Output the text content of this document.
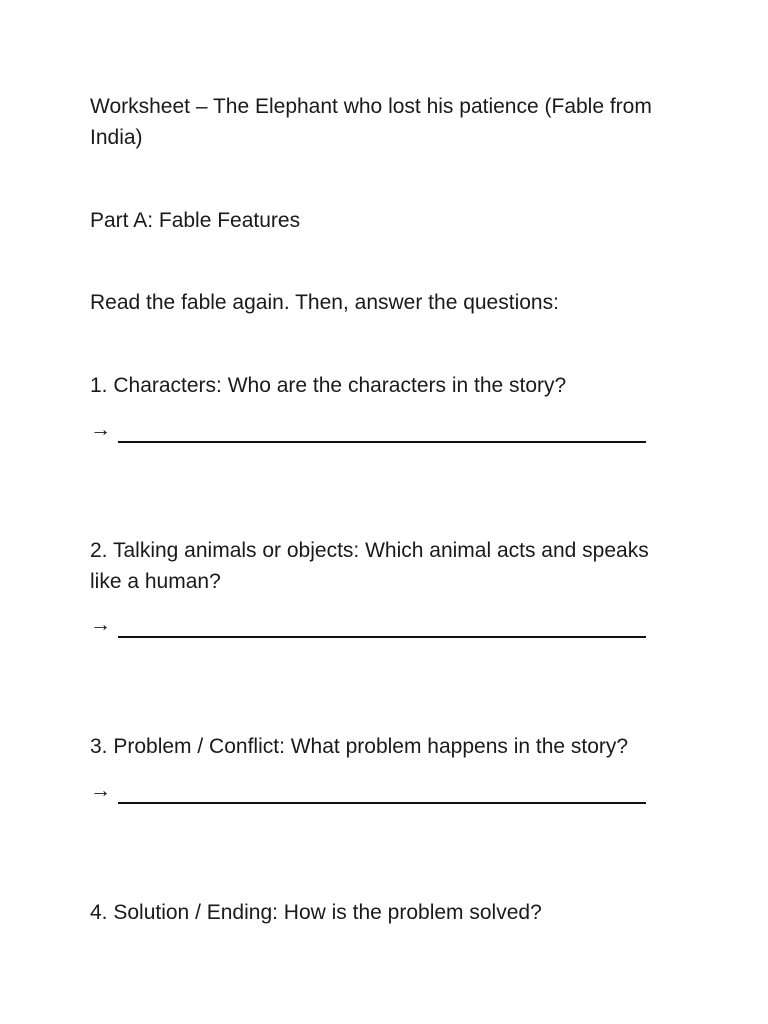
Worksheet – The Elephant who lost his patience (Fable from India)
Part A: Fable Features
Read the fable again. Then, answer the questions:
1. Characters: Who are the characters in the story?
→
2. Talking animals or objects: Which animal acts and speaks like a human?
→
3. Problem / Conflict: What problem happens in the story?
→
4. Solution / Ending: How is the problem solved?
